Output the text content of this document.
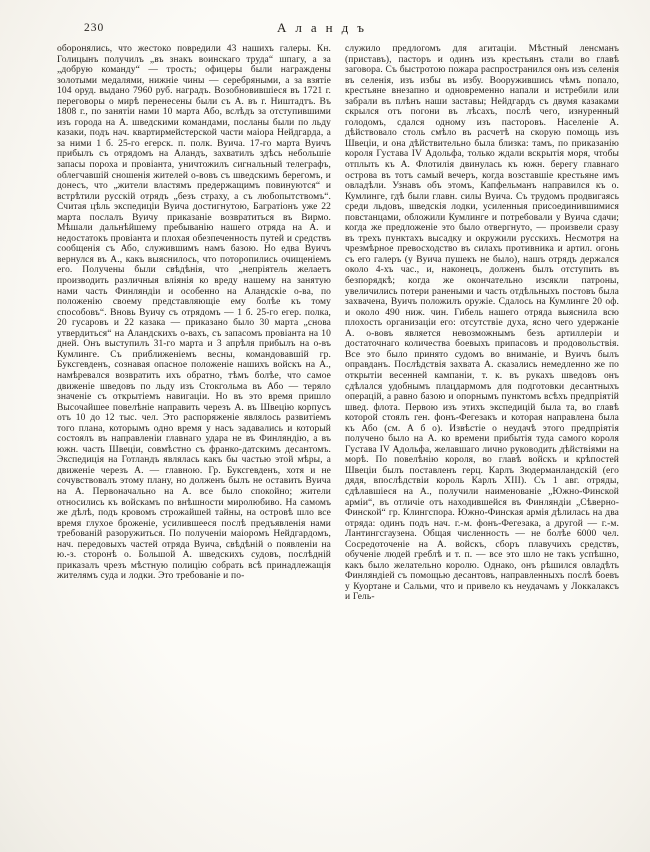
230	Аландъ
оборонялись, что жестоко повредили 43 нашихъ галеры. Кн. Голицынъ получилъ „въ знакъ воинскаго труда“ шпагу, а за „добрую команду“ — трость; офицеры были награждены золотыми медалями, нижніе чины — серебряными, а за взятіе 104 оруд. выдано 7960 руб. наградъ. Возобновившіеся въ 1721 г. переговоры о мирѣ перенесены были съ А. въ г. Ништадтъ. Въ 1808 г., по занятіи нами 10 марта Або, вслѣдъ за отступившими изъ города на А. шведскими командами, посланы были по льду казаки, подъ нач. квартирмейстерской части маіора Нейдгарда, а за ними 1 б. 25-го егерск. п. полк. Вуича. 17-го марта Вуичъ прибылъ съ отрядомъ на Аландъ, захватилъ здѣсь небольшіе запасы пороха и провіанта, уничтожилъ сигнальный телеграфъ, облегчавшій сношенія жителей о-вовъ съ шведскимъ берегомъ, и донесъ, что „жители властямъ предержащимъ повинуются“ и встрѣтили русскій отрядъ „безъ страху, а съ любопытствомъ“. Считая цѣль экспедиціи Вуича достигнутою, Багратіонъ уже 22 марта послалъ Вуичу приказаніе возвратиться въ Вирмо. Мѣшали дальнѣйшему пребыванію нашего отряда на А. и недостатокъ провіанта и плохая обезпеченность путей и средствъ сообщенія съ Або, служившимъ намъ базою. Но едва Вуичъ вернулся въ А., какъ выяснилось, что поторопились очищеніемъ его. Получены были свѣдѣнія, что „непріятель желаетъ производить различныя вліянія ко вреду нашему на занятую нами часть Финляндіи и особенно на Аландскіе о-ва, по положенію своему представляющіе ему болѣе къ тому способовъ“. Вновь Вуичу съ отрядомъ — 1 б. 25-го егер. полка, 20 гусаровъ и 22 казака — приказано было 30 марта „снова утвердиться“ на Аландскихъ о-вахъ, съ запасомъ провіанта на 10 дней. Онъ выступилъ 31-го марта и 3 апрѣля прибылъ на о-въ Кумлинге. Съ приближеніемъ весны, командовавшій гр. Буксгевденъ, сознавая опасное положеніе нашихъ войскъ на А., намѣревался возвратить ихъ обратно, тѣмъ болѣе, что самое движеніе шведовъ по льду изъ Стокгольма въ Або — теряло значеніе съ открытіемъ навигаціи. Но въ это время пришло Высочайшее повелѣніе направить черезъ А. въ Швецію корпусъ отъ 10 до 12 тыс. чел. Это распоряженіе являлось развитіемъ того плана, которымъ одно время у насъ задавались и который состоялъ въ направленіи главнаго удара не въ Финляндію, а въ южн. часть Швеціи, совмѣстно съ франко-датскимъ десантомъ. Экспедиція на Готландъ являлась какъ бы частью этой мѣры, а движеніе черезъ А. — главною. Гр. Буксгевденъ, хотя и не сочувствовалъ этому плану, но долженъ былъ не оставить Вуича на А. Первоначально на А. все было спокойно; жители относились къ войскамъ по внѣшности миролюбиво. На самомъ же дѣлѣ, подъ кровомъ строжайшей тайны, на островѣ шло все время глухое броженіе, усилившееся послѣ предъявленія нами требованій разоружиться. По полученіи маіоромъ Нейдгардомъ, нач. передовыхъ частей отряда Вуича, свѣдѣній о появленіи на ю.-з. сторонѣ о. Большой А. шведскихъ судовъ, послѣдній приказалъ чрезъ мѣстную полицію собрать всѣ принадлежащія жителямъ суда и лодки. Это требованіе и по-
служило предлогомъ для агитаціи. Мѣстный ленсманъ (приставъ), пасторъ и одинъ изъ крестьянъ стали во главѣ заговора. Съ быстротою пожара распространился онъ изъ селенія въ селенія, изъ избы въ избу. Вооружившись чѣмъ попало, крестьяне внезапно и одновременно напали и истребили или забрали въ плѣнъ наши заставы; Нейдгардъ съ двумя казаками скрылся отъ погони въ лѣсахъ, послѣ чего, изнуренный голодомъ, сдался одному изъ пасторовъ. Населеніе А. дѣйствовало столь смѣло въ расчетѣ на скорую помощь изъ Швеціи, и она дѣйствительно была близка: тамъ, по приказанію короля Густава IV Адольфа, только ждали вскрытія моря, чтобы отплыть къ А. Флотилія двинулась къ южн. берегу главнаго острова въ тотъ самый вечеръ, когда возставшіе крестьяне имъ овладѣли. Узнавъ объ этомъ, Капфельманъ направился къ о. Кумлинге, гдѣ были главн. силы Вуича. Съ трудомъ продвигаясь среди льдовъ, шведскія лодки, усиленныя присоединившимися повстанцами, обложили Кумлинге и потребовали у Вуича сдачи; когда же предложеніе это было отвергнуто, — произвели сразу въ трехъ пунктахъ высадку и окружили русскихъ. Несмотря на чрезмѣрное превосходство въ силахъ противника и артил. огонь съ его галеръ (у Вуича пушекъ не было), нашъ отрядъ держался около 4-хъ час., и, наконецъ, долженъ былъ отступить въ безпорядкѣ; когда же окончательно изсякли патроны, увеличились потери ранеными и часть отдѣльныхъ постовъ была захвачена, Вуичъ положилъ оружіе. Сдалось на Кумлинге 20 оф. и около 490 ниж. чин. Гибель нашего отряда выяснила всю плохость организаціи его: отсутствіе духа, ясно чего удержаніе А. о-вовъ является невозможнымъ безъ артиллеріи и достаточнаго количества боевыхъ припасовъ и продовольствія. Все это было принято судомъ во вниманіе, и Вуичъ былъ оправданъ. Послѣдствія захвата А. сказались немедленно же по открытіи весенней кампаніи, т. к. въ рукахъ шведовъ онъ сдѣлался удобнымъ плацдармомъ для подготовки десантныхъ операцій, а равно базою и опорнымъ пунктомъ всѣхъ предпріятій швед. флота. Первою изъ этихъ экспедицій была та, во главѣ которой стоялъ ген. фонъ-Фегезакъ и которая направлена была къ Або (см. А б о). Извѣстіе о неудачѣ этого предпріятія получено было на А. ко времени прибытія туда самого короля Густава IV Адольфа, желавшаго лично руководить дѣйствіями на морѣ. По повелѣнію короля, во главѣ войскъ и крѣпостей Швеціи былъ поставленъ герц. Карлъ Зюдерманландскій (его дядя, впослѣдствіи король Карлъ XIII). Съ 1 авг. отряды, сдѣлавшіеся на А., получили наименованіе „Южно-Финской арміи“, въ отличіе отъ находившейся въ Финляндіи „Сѣверно-Финской“ гр. Клингспора. Южно-Финская армія дѣлилась на два отряда: одинъ подъ нач. г.-м. фонъ-Фегезака, а другой — г.-м. Лантингсгаузена. Общая численность — не болѣе 6000 чел. Сосредоточеніе на А. войскъ, сборъ плавучихъ средствъ, обученіе людей греблѣ и т. п. — все это шло не такъ успѣшно, какъ было желательно королю. Однако, онъ рѣшился овладѣть Финляндіей съ помощью десантовъ, направленныхъ послѣ боевъ у Куортане и Сальми, что и привело къ неудачамъ у Локкалаксъ и Гель-
